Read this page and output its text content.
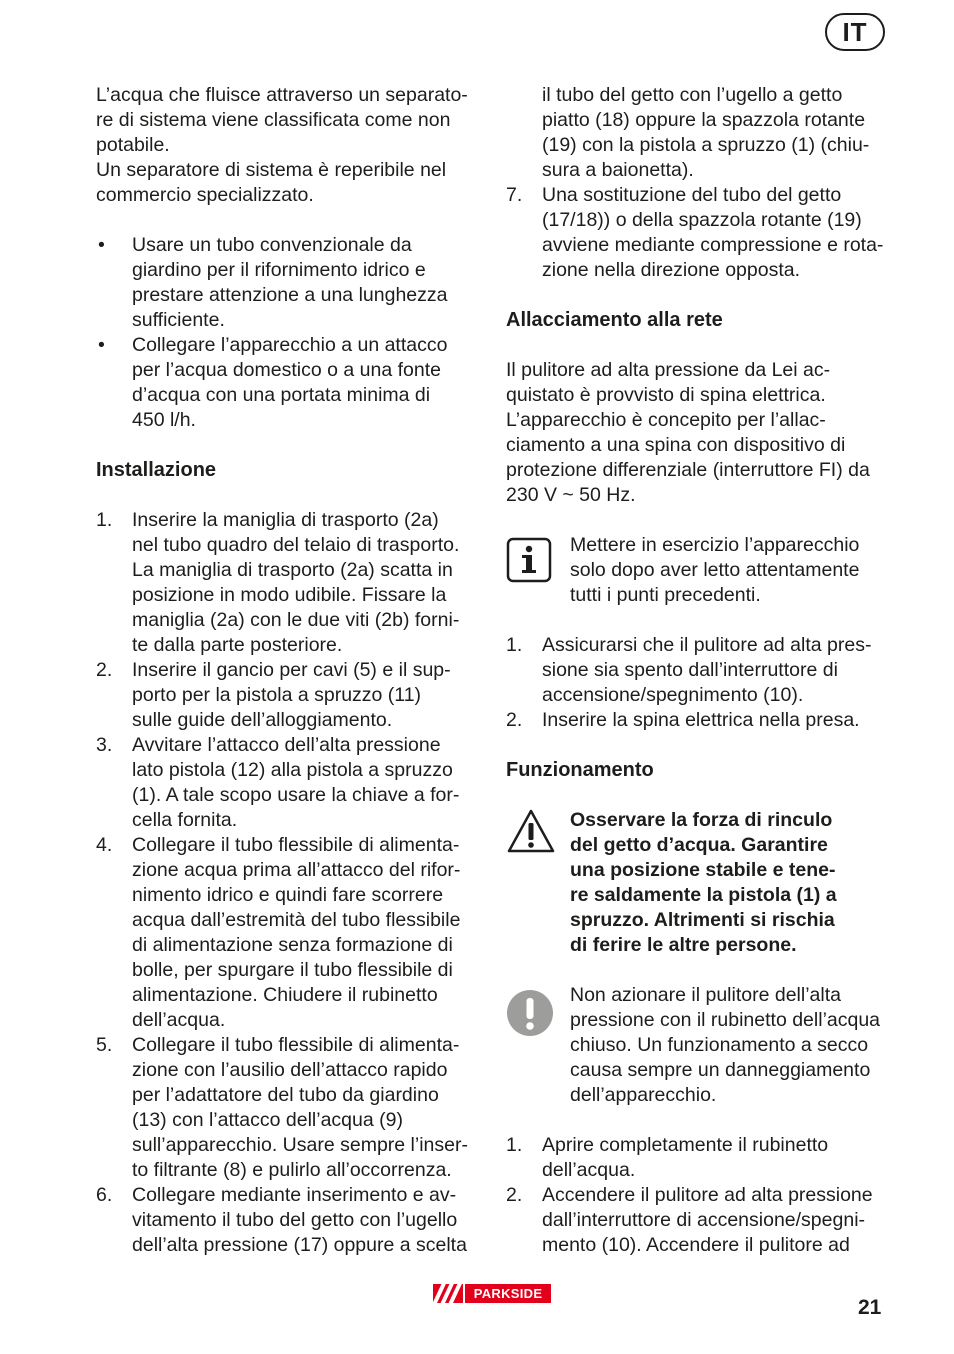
IT
L’acqua che fluisce attraverso un separato-
re di sistema viene classificata come non
potabile.
Un separatore di sistema è reperibile nel
commercio specializzato.
• Usare un tubo convenzionale da
giardino per il rifornimento idrico e
prestare attenzione a una lunghezza
sufficiente.
• Collegare l’apparecchio a un attacco
per l’acqua domestico o a una fonte
d’acqua con una portata minima di
450 l/h.
Installazione
1. Inserire la maniglia di trasporto (2a)
nel tubo quadro del telaio di trasporto.
La maniglia di trasporto (2a) scatta in
posizione in modo udibile. Fissare la
maniglia (2a) con le due viti (2b) forni-
te dalla parte posteriore.
2. Inserire il gancio per cavi (5) e il sup-
porto per la pistola a spruzzo (11)
sulle guide dell’alloggiamento.
3. Avvitare l’attacco dell’alta pressione
lato pistola (12) alla pistola a spruzzo
(1). A tale scopo usare la chiave a for-
cella fornita.
4. Collegare il tubo flessibile di alimenta-
zione acqua prima all’attacco del rifor-
nimento idrico e quindi fare scorrere
acqua dall’estremità del tubo flessibile
di alimentazione senza formazione di
bolle, per spurgare il tubo flessibile di
alimentazione. Chiudere il rubinetto
dell’acqua.
5. Collegare il tubo flessibile di alimenta-
zione con l’ausilio dell’attacco rapido
per l’adattatore del tubo da giardino
(13) con l’attacco dell’acqua (9)
sull’apparecchio. Usare sempre l’inser-
to filtrante (8) e pulirlo all’occorrenza.
6. Collegare mediante inserimento e av-
vitamento il tubo del getto con l’ugello
dell’alta pressione (17) oppure a scelta
il tubo del getto con l’ugello a getto
piatto (18) oppure la spazzola rotante
(19) con la pistola a spruzzo (1) (chiu-
sura a baionetta).
7. Una sostituzione del tubo del getto
(17/18)) o della spazzola rotante (19)
avviene mediante compressione e rota-
zione nella direzione opposta.
Allacciamento alla rete
Il pulitore ad alta pressione da Lei ac-
quistato è provvisto di spina elettrica.
L’apparecchio è concepito per l’allac-
ciamento a una spina con dispositivo di
protezione differenziale (interruttore FI) da
230 V ~ 50 Hz.
Mettere in esercizio l’apparecchio
solo dopo aver letto attentamente
tutti i punti precedenti.
1. Assicurarsi che il pulitore ad alta pres-
sione sia spento dall’interruttore di
accensione/spegnimento (10).
2. Inserire la spina elettrica nella presa.
Funzionamento
Osservare la forza di rinculo
del getto d’acqua. Garantire
una posizione stabile e tene-
re saldamente la pistola (1) a
spruzzo. Altrimenti si rischia
di ferire le altre persone.
Non azionare il pulitore dell’alta
pressione con il rubinetto dell’acqua
chiuso. Un funzionamento a secco
causa sempre un danneggiamento
dell’apparecchio.
1. Aprire completamente il rubinetto
dell’acqua.
2. Accendere il pulitore ad alta pressione
dall’interruttore di accensione/spegni-
mento (10). Accendere il pulitore ad
PARKSIDE
21
